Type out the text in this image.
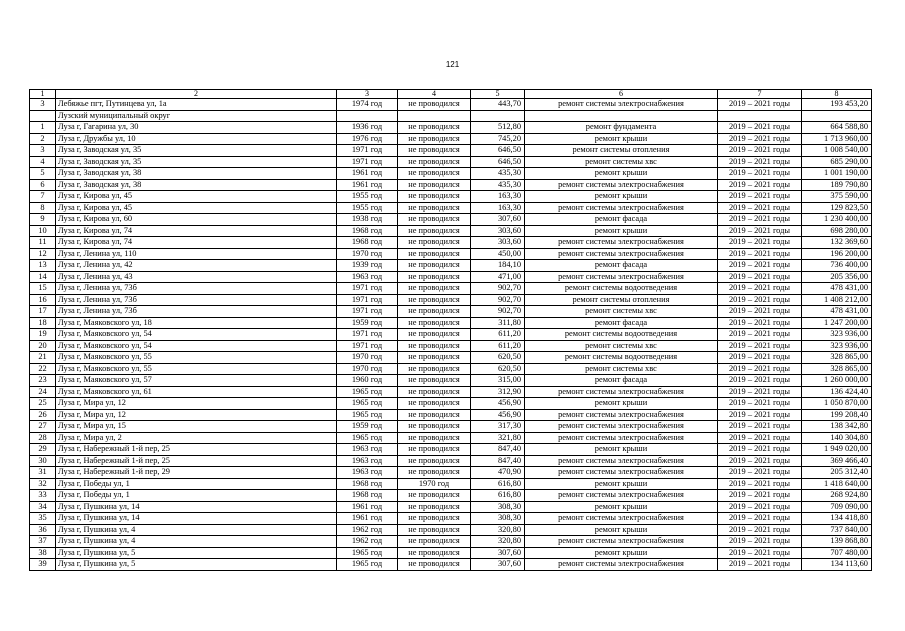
121
1	2	3	4	5	6	7	8
3	Лебяжье пгт, Путинцева ул, 1а	1974 год	не проводился	443,70	ремонт системы электроснабжения	2019 – 2021 годы	193 453,20
	Лузский муниципальный округ						
1	Луза г, Гагарина ул, 30	1936 год	не проводился	512,80	ремонт фундамента	2019 – 2021 годы	664 588,80
2	Луза г, Дружбы ул, 10	1976 год	не проводился	745,20	ремонт крыши	2019 – 2021 годы	1 713 960,00
3	Луза г, Заводская ул, 35	1971 год	не проводился	646,50	ремонт системы отопления	2019 – 2021 годы	1 008 540,00
4	Луза г, Заводская ул, 35	1971 год	не проводился	646,50	ремонт системы хвс	2019 – 2021 годы	685 290,00
5	Луза г, Заводская ул, 38	1961 год	не проводился	435,30	ремонт крыши	2019 – 2021 годы	1 001 190,00
6	Луза г, Заводская ул, 38	1961 год	не проводился	435,30	ремонт системы электроснабжения	2019 – 2021 годы	189 790,80
7	Луза г, Кирова ул, 45	1955 год	не проводился	163,30	ремонт крыши	2019 – 2021 годы	375 590,00
8	Луза г, Кирова ул, 45	1955 год	не проводился	163,30	ремонт системы электроснабжения	2019 – 2021 годы	129 823,50
9	Луза г, Кирова ул, 60	1938 год	не проводился	307,60	ремонт фасада	2019 – 2021 годы	1 230 400,00
10	Луза г, Кирова ул, 74	1968 год	не проводился	303,60	ремонт крыши	2019 – 2021 годы	698 280,00
11	Луза г, Кирова ул, 74	1968 год	не проводился	303,60	ремонт системы электроснабжения	2019 – 2021 годы	132 369,60
12	Луза г, Ленина ул, 110	1970 год	не проводился	450,00	ремонт системы электроснабжения	2019 – 2021 годы	196 200,00
13	Луза г, Ленина ул, 42	1939 год	не проводился	184,10	ремонт фасада	2019 – 2021 годы	736 400,00
14	Луза г, Ленина ул, 43	1963 год	не проводился	471,00	ремонт системы электроснабжения	2019 – 2021 годы	205 356,00
15	Луза г, Ленина ул, 73б	1971 год	не проводился	902,70	ремонт системы водоотведения	2019 – 2021 годы	478 431,00
16	Луза г, Ленина ул, 73б	1971 год	не проводился	902,70	ремонт системы отопления	2019 – 2021 годы	1 408 212,00
17	Луза г, Ленина ул, 73б	1971 год	не проводился	902,70	ремонт системы хвс	2019 – 2021 годы	478 431,00
18	Луза г, Маяковского ул, 18	1959 год	не проводился	311,80	ремонт фасада	2019 – 2021 годы	1 247 200,00
19	Луза г, Маяковского ул, 54	1971 год	не проводился	611,20	ремонт системы водоотведения	2019 – 2021 годы	323 936,00
20	Луза г, Маяковского ул, 54	1971 год	не проводился	611,20	ремонт системы хвс	2019 – 2021 годы	323 936,00
21	Луза г, Маяковского ул, 55	1970 год	не проводился	620,50	ремонт системы водоотведения	2019 – 2021 годы	328 865,00
22	Луза г, Маяковского ул, 55	1970 год	не проводился	620,50	ремонт системы хвс	2019 – 2021 годы	328 865,00
23	Луза г, Маяковского ул, 57	1960 год	не проводился	315,00	ремонт фасада	2019 – 2021 годы	1 260 000,00
24	Луза г, Маяковского ул, 61	1965 год	не проводился	312,90	ремонт системы электроснабжения	2019 – 2021 годы	136 424,40
25	Луза г, Мира ул, 12	1965 год	не проводился	456,90	ремонт крыши	2019 – 2021 годы	1 050 870,00
26	Луза г, Мира ул, 12	1965 год	не проводился	456,90	ремонт системы электроснабжения	2019 – 2021 годы	199 208,40
27	Луза г, Мира ул, 15	1959 год	не проводился	317,30	ремонт системы электроснабжения	2019 – 2021 годы	138 342,80
28	Луза г, Мира ул, 2	1965 год	не проводился	321,80	ремонт системы электроснабжения	2019 – 2021 годы	140 304,80
29	Луза г, Набережный 1-й пер, 25	1963 год	не проводился	847,40	ремонт крыши	2019 – 2021 годы	1 949 020,00
30	Луза г, Набережный 1-й пер, 25	1963 год	не проводился	847,40	ремонт системы электроснабжения	2019 – 2021 годы	369 466,40
31	Луза г, Набережный 1-й пер, 29	1963 год	не проводился	470,90	ремонт системы электроснабжения	2019 – 2021 годы	205 312,40
32	Луза г, Победы ул, 1	1968 год	1970 год	616,80	ремонт крыши	2019 – 2021 годы	1 418 640,00
33	Луза г, Победы ул, 1	1968 год	не проводился	616,80	ремонт системы электроснабжения	2019 – 2021 годы	268 924,80
34	Луза г, Пушкина ул, 14	1961 год	не проводился	308,30	ремонт крыши	2019 – 2021 годы	709 090,00
35	Луза г, Пушкина ул, 14	1961 год	не проводился	308,30	ремонт системы электроснабжения	2019 – 2021 годы	134 418,80
36	Луза г, Пушкина ул, 4	1962 год	не проводился	320,80	ремонт крыши	2019 – 2021 годы	737 840,00
37	Луза г, Пушкина ул, 4	1962 год	не проводился	320,80	ремонт системы электроснабжения	2019 – 2021 годы	139 868,80
38	Луза г, Пушкина ул, 5	1965 год	не проводился	307,60	ремонт крыши	2019 – 2021 годы	707 480,00
39	Луза г, Пушкина ул, 5	1965 год	не проводился	307,60	ремонт системы электроснабжения	2019 – 2021 годы	134 113,60
